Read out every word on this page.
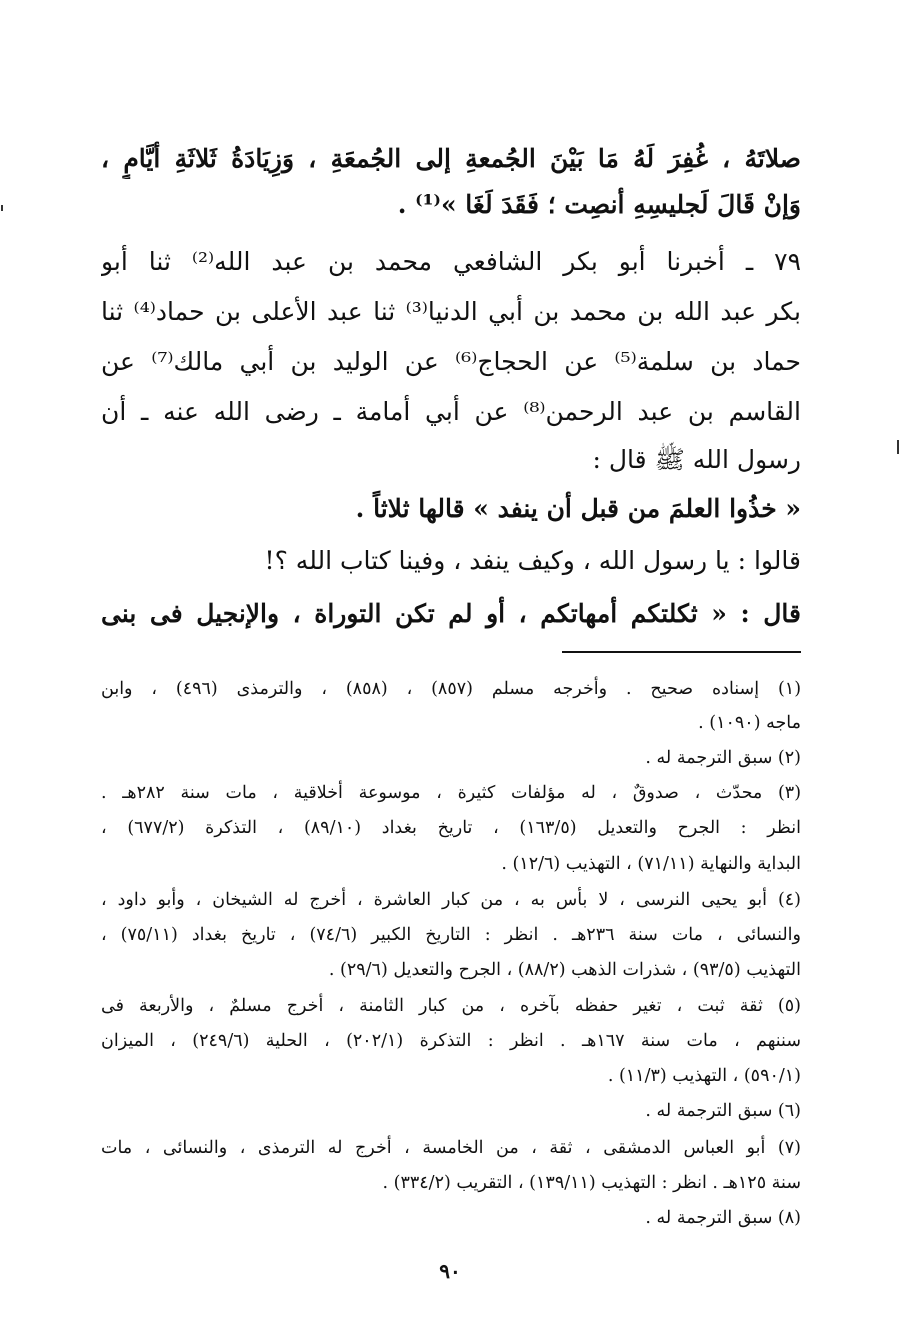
صلاتَهُ ، غُفِرَ لَهُ مَا بَيْنَ الجُمعةِ إلى الجُمعَةِ ، وَزِيَادَةُ ثَلاثَةِ أيَّامٍ ،
وَإنْ قَالَ لَجليسِهِ أنصِت ؛ فَقَدَ لَغَا »⁽¹⁾ .
٧٩ ـ أخبرنا أبو بكر الشافعي محمد بن عبد الله⁽²⁾ ثنا أبو
بكر عبد الله بن محمد بن أبي الدنيا⁽³⁾ ثنا عبد الأعلى بن حماد⁽⁴⁾ ثنا
حماد بن سلمة⁽⁵⁾ عن الحجاج⁽⁶⁾ عن الوليد بن أبي مالك⁽⁷⁾ عن
القاسم بن عبد الرحمن⁽⁸⁾ عن أبي أمامة ـ رضى الله عنه ـ أن
رسول الله ﷺ قال :
« خذُوا العلمَ من قبل أن ينفد » قالها ثلاثاً .
قالوا : يا رسول الله ، وكيف ينفد ، وفينا كتاب الله ؟!
قال : « ثكلتكم أمهاتكم ، أو لم تكن التوراة ، والإنجيل فى بنى
(١) إسناده صحيح . وأخرجه مسلم (٨٥٧) ، (٨٥٨) ، والترمذى (٤٩٦) ، وابن
ماجه (١٠٩٠) .
(٢) سبق الترجمة له .
(٣) محدّث ، صدوقٌ ، له مؤلفات كثيرة ، موسوعة أخلاقية ، مات سنة ٢٨٢هـ .
انظر : الجرح والتعديل (١٦٣/٥) ، تاريخ بغداد (٨٩/١٠) ، التذكرة (٦٧٧/٢) ،
البداية والنهاية (٧١/١١) ، التهذيب (١٢/٦) .
(٤) أبو يحيى النرسى ، لا بأس به ، من كبار العاشرة ، أخرج له الشيخان ، وأبو داود ،
والنسائى ، مات سنة ٢٣٦هـ . انظر : التاريخ الكبير (٧٤/٦) ، تاريخ بغداد (٧٥/١١) ،
التهذيب (٩٣/٥) ، شذرات الذهب (٨٨/٢) ، الجرح والتعديل (٢٩/٦) .
(٥) ثقة ثبت ، تغير حفظه بآخره ، من كبار الثامنة ، أخرج مسلمٌ ، والأربعة فى
سننهم ، مات سنة ١٦٧هـ . انظر : التذكرة (٢٠٢/١) ، الحلية (٢٤٩/٦) ، الميزان
(٥٩٠/١) ، التهذيب (١١/٣) .
(٦) سبق الترجمة له .
(٧) أبو العباس الدمشقى ، ثقة ، من الخامسة ، أخرج له الترمذى ، والنسائى ، مات
سنة ١٢٥هـ . انظر : التهذيب (١٣٩/١١) ، التقريب (٣٣٤/٢) .
(٨) سبق الترجمة له .
٩٠
